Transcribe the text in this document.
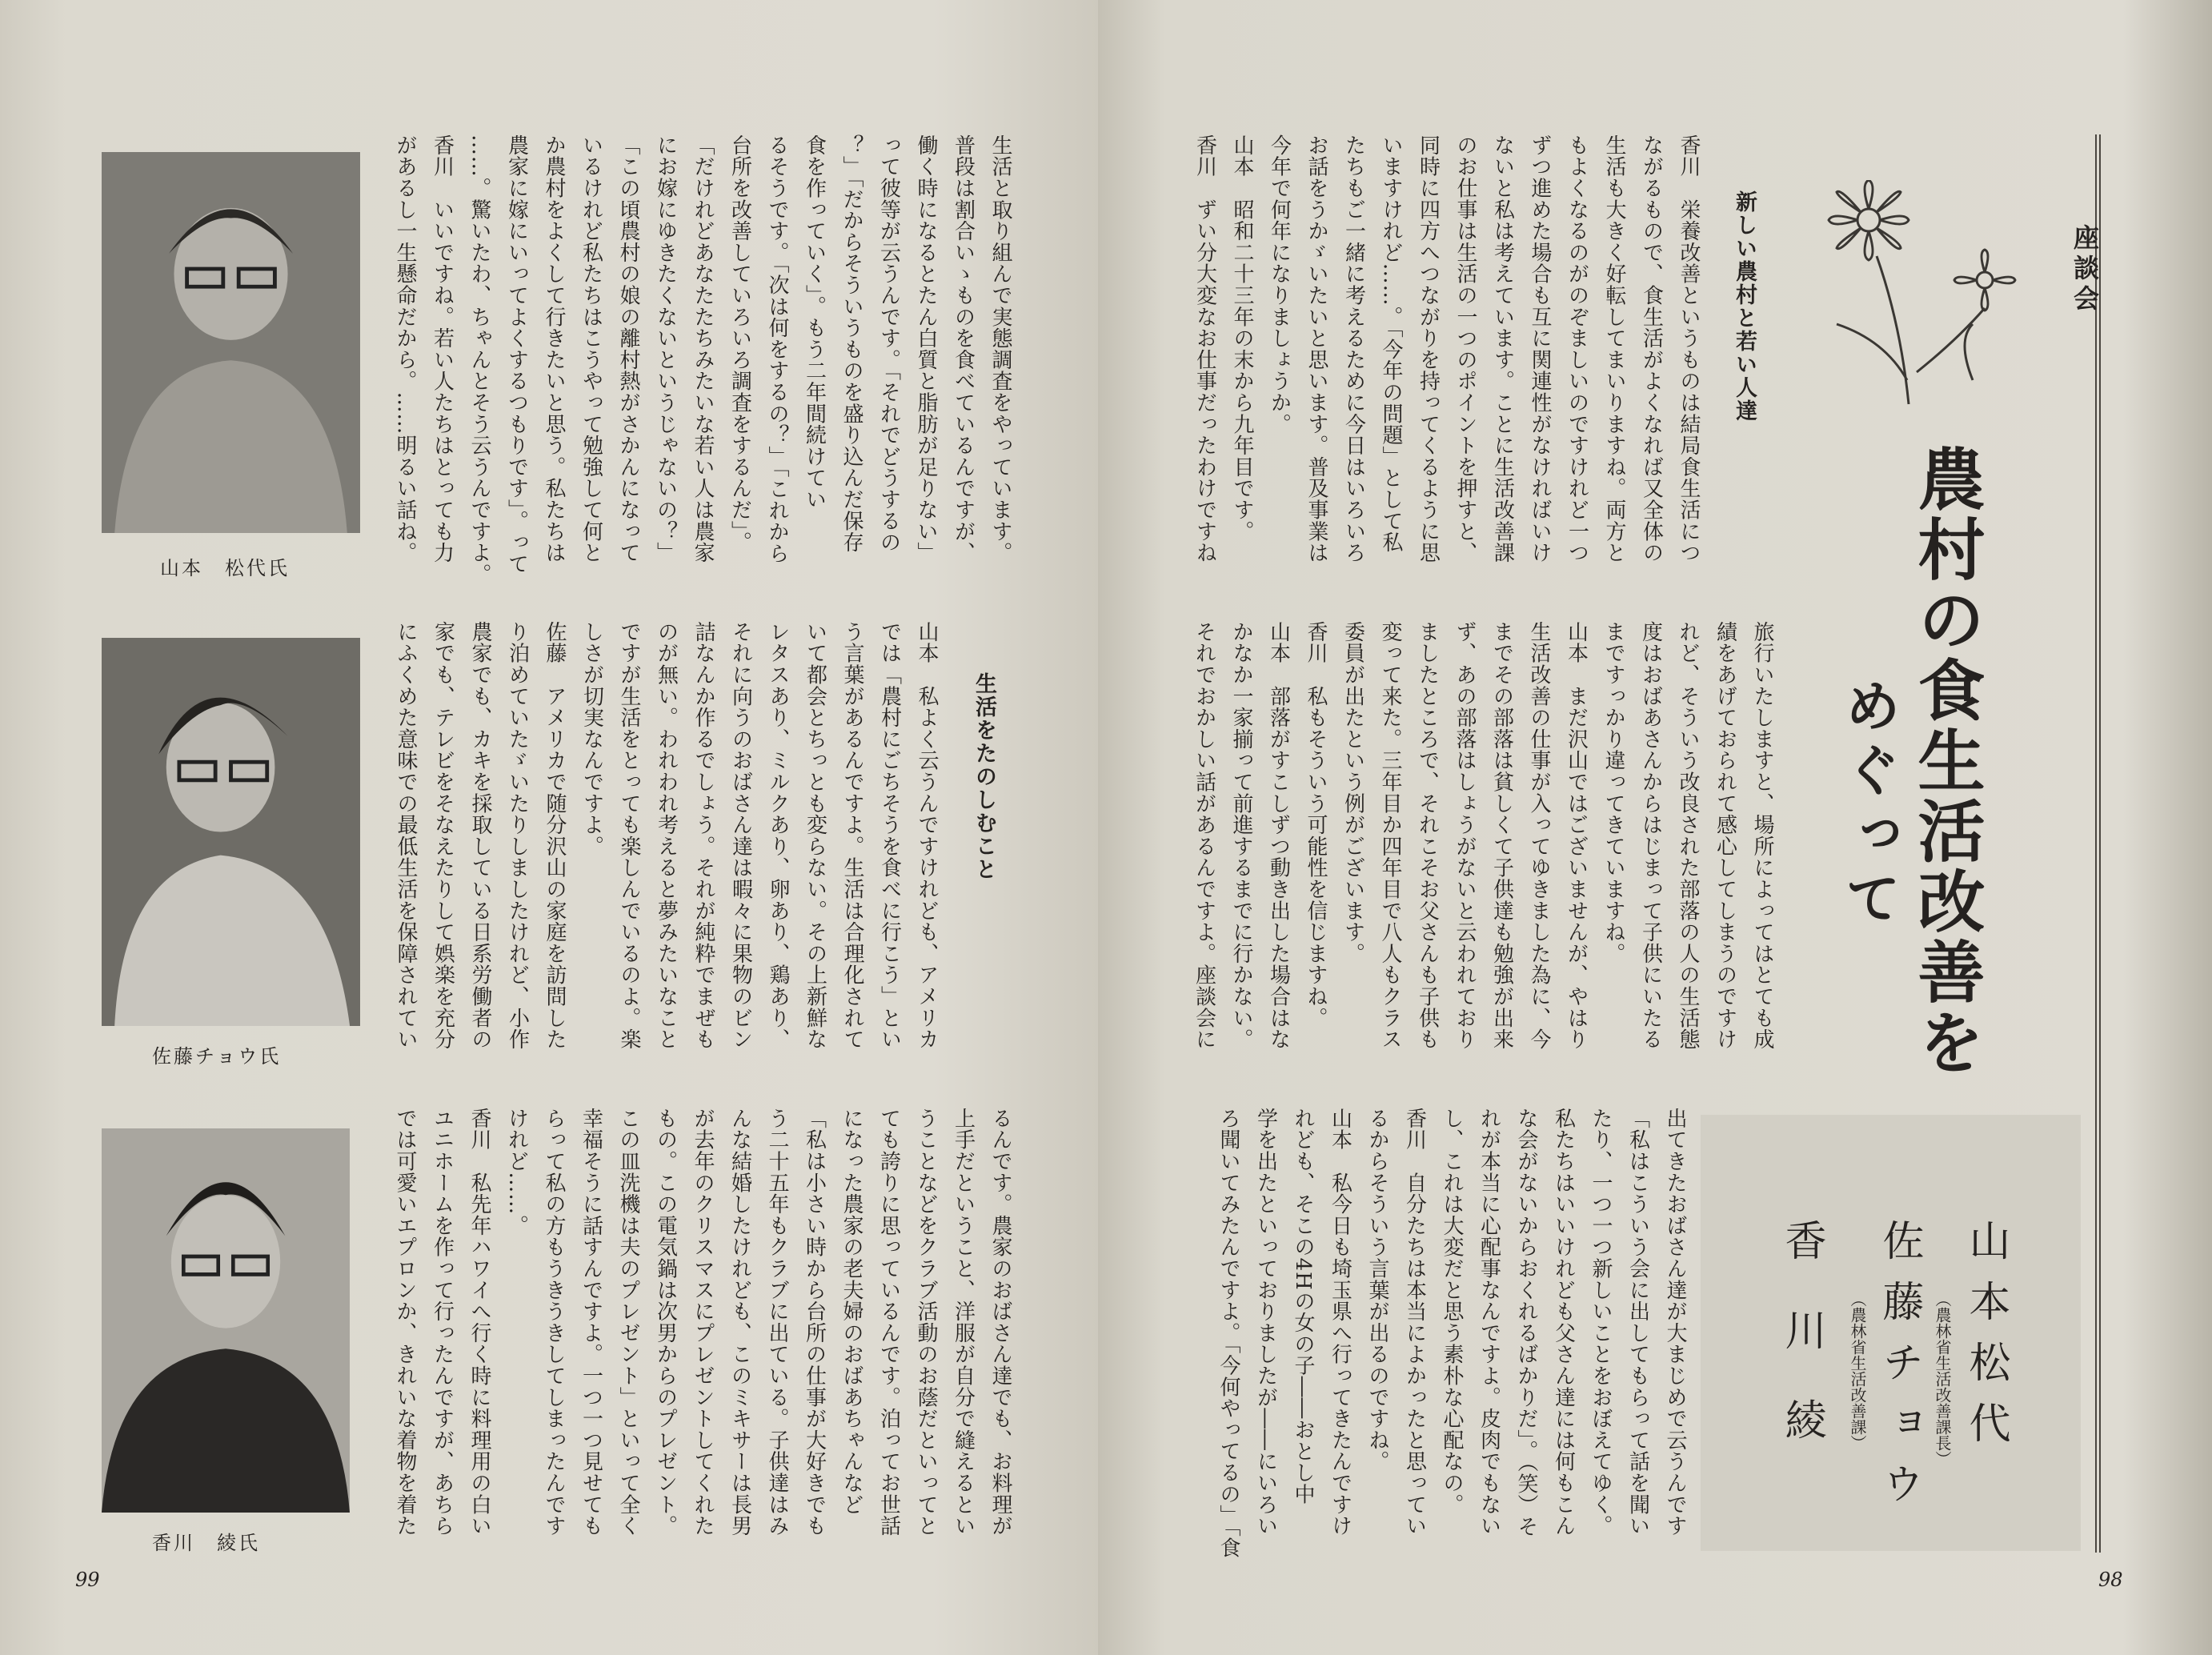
山本　松代氏
佐藤チョウ氏
香川　綾氏
生活と取り組んで実態調査をやっています。
普段は割合いゝものを食べているんですが、
働く時になるとたん白質と脂肪が足りない」
って彼等が云うんです。「それでどうするの
？」「だからそういうものを盛り込んだ保存
食を作っていく」。もう二年間続けてい
るそうです。「次は何をするの？」「これから
台所を改善していろいろ調査をするんだ」。
「だけれどあなたたちみたいな若い人は農家
にお嫁にゆきたくないというじゃないの？」
「この頃農村の娘の離村熱がさかんになって
いるけれど私たちはこうやって勉強して何と
か農村をよくして行きたいと思う。私たちは
農家に嫁にいってよくするつもりです」。って
……。驚いたわ、ちゃんとそう云うんですよ。
香川　いいですね。若い人たちはとっても力
があるし一生懸命だから。……明るい話ね。
生活をたのしむこと
山本　私よく云うんですけれども、アメリカ
では「農村にごちそうを食べに行こう」とい
う言葉があるんですよ。生活は合理化されて
いて都会とちっとも変らない。その上新鮮な
レタスあり、ミルクあり、卵あり、鶏あり、
それに向うのおばさん達は暇々に果物のビン
詰なんか作るでしょう。それが純粋でまぜも
のが無い。われわれ考えると夢みたいなこと
ですが生活をとっても楽しんでいるのよ。楽
しさが切実なんですよ。
佐藤　アメリカで随分沢山の家庭を訪問した
り泊めていたゞいたりしましたけれど、小作
農家でも、カキを採取している日系労働者の
家でも、テレビをそなえたりして娯楽を充分
にふくめた意味での最低生活を保障されてい
るんです。農家のおばさん達でも、お料理が
上手だということ、洋服が自分で縫えるとい
うことなどをクラブ活動のお蔭だといってと
ても誇りに思っているんです。泊ってお世話
になった農家の老夫婦のおばあちゃんなど
「私は小さい時から台所の仕事が大好きでも
う二十五年もクラブに出ている。子供達はみ
んな結婚したけれども、このミキサーは長男
が去年のクリスマスにプレゼントしてくれた
もの。この電気鍋は次男からのプレゼント。
この皿洗機は夫のプレゼント」といって全く
幸福そうに話すんですよ。一つ一つ見せても
らって私の方もうきうきしてしまったんです
けれど……。
香川　私先年ハワイへ行く時に料理用の白い
ユニホームを作って行ったんですが、あちら
では可愛いエプロンか、きれいな着物を着た
99
香川　栄養改善というものは結局食生活につ
ながるもので、食生活がよくなれば又全体の
生活も大きく好転してまいりますね。両方と
もよくなるのがのぞましいのですけれど一つ
ずつ進めた場合も互に関連性がなければいけ
ないと私は考えています。ことに生活改善課
のお仕事は生活の一つのポイントを押すと、
同時に四方へつながりを持ってくるように思
いますけれど……。「今年の問題」として私
たちもご一緒に考えるために今日はいろいろ
お話をうかゞいたいと思います。普及事業は
今年で何年になりましょうか。
山本　昭和二十三年の末から九年目です。
香川　ずい分大変なお仕事だったわけですね	新しい農村と若い人達
旅行いたしますと、場所によってはとても成
績をあげておられて感心してしまうのですけ
れど、そういう改良された部落の人の生活態
度はおばあさんからはじまって子供にいたる
まですっかり違ってきていますね。
山本　まだ沢山ではございませんが、やはり
生活改善の仕事が入ってゆきました為に、今
までその部落は貧しくて子供達も勉強が出来
ず、あの部落はしょうがないと云われており
ましたところで、それこそお父さんも子供も
変って来た。三年目か四年目で八人もクラス
委員が出たという例がございます。
香川　私もそういう可能性を信じますね。
山本　部落がすこしずつ動き出した場合はな
かなか一家揃って前進するまでに行かない。
それでおかしい話があるんですよ。座談会に
出てきたおばさん達が大まじめで云うんです
「私はこういう会に出してもらって話を聞い
たり、一つ一つ新しいことをおぼえてゆく。
私たちはいいけれども父さん達には何もこん
な会がないからおくれるばかりだ」。（笑）そ
れが本当に心配事なんですよ。皮肉でもない
し、これは大変だと思う素朴な心配なの。
香川　自分たちは本当によかったと思ってい
るからそういう言葉が出るのですね。
山本　私今日も埼玉県へ行ってきたんですけ
れども、そこの4Hの女の子――おとし中
学を出たといっておりましたが――にいろい
ろ聞いてみたんですよ。「今何やってるの」「食
座談会
農村の食生活改善を
めぐって
山本松代
（農林省生活改善課長）
佐藤チョウ
（農林省生活改善課）
香川綾
98
